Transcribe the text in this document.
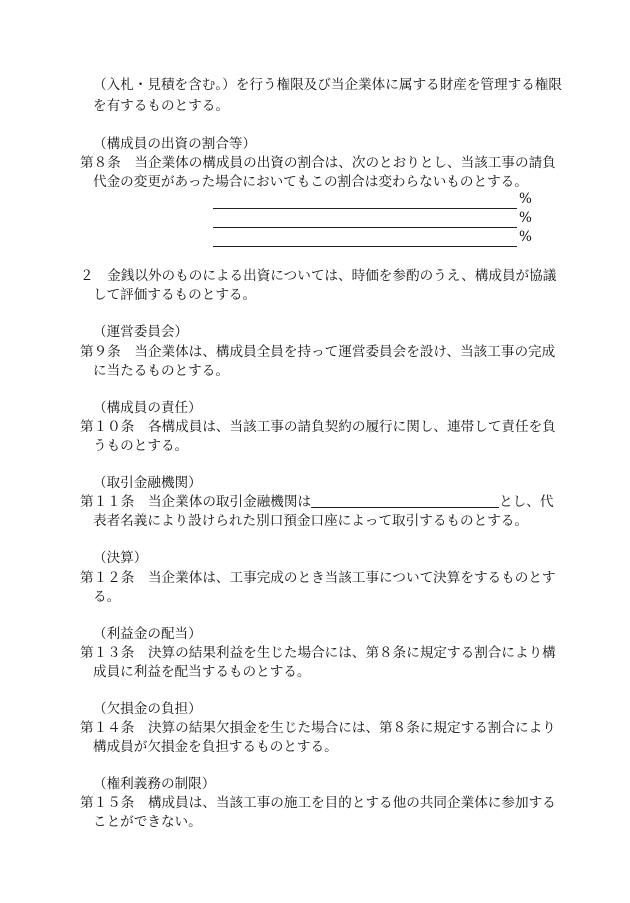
（入札・見積を含む。）を行う権限及び当企業体に属する財産を管理する権限
を有するものとする。
（構成員の出資の割合等）
第８条　 当企業体の構成員の出資の割合は、次のとおりとし、当該工事の請負
代金の変更があった場合においてもこの割合は変わらないものとする。
%
%
%
２　金銭以外のものによる出資については、時価を参酌のうえ、構成員が協議
して評価するものとする。
（運営委員会）
第９条　 当企業体は、構成員全員を持って運営委員会を設け、当該工事の完成
に当たるものとする。
（構成員の責任）
第１０条　 各構成員は、当該工事の請負契約の履行に関し、連帯して責任を負
うものとする。
（取引金融機関）
第１１条　 当企業体の取引金融機関は	とし、代
表者名義により設けられた別口預金口座によって取引するものとする。
（決算）
第１２条　 当企業体は、工事完成のとき当該工事について決算をするものとす
る。
（利益金の配当）
第１３条　 決算の結果利益を生じた場合には、第８条に規定する割合により構
成員に利益を配当するものとする。
（欠損金の負担）
第１４条　 決算の結果欠損金を生じた場合には、第８条に規定する割合により
構成員が欠損金を負担するものとする。
（権利義務の制限）
第１５条　 構成員は、当該工事の施工を目的とする他の共同企業体に参加する
ことができない。
